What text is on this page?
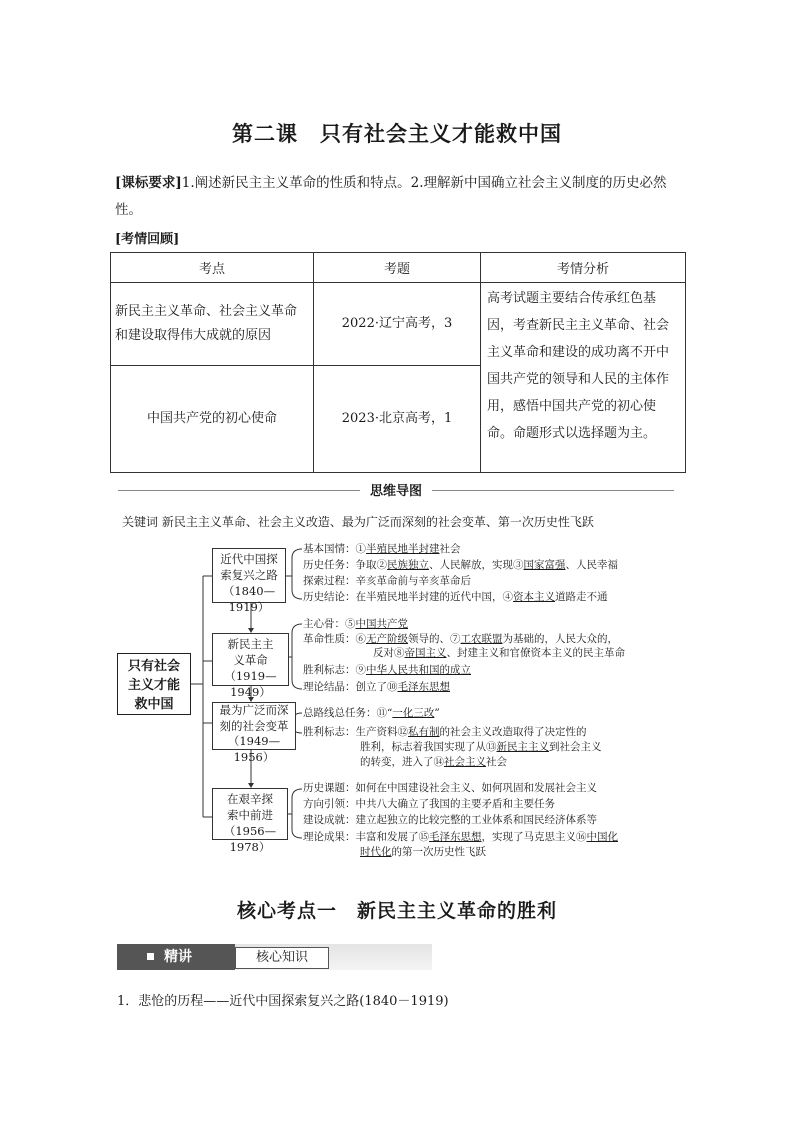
第二课　只有社会主义才能救中国
[课标要求]1.阐述新民主主义革命的性质和特点。2.理解新中国确立社会主义制度的历史必然性。
[考情回顾]
考点	考题	考情分析
新民主主义革命、社会主义革命和建设取得伟大成就的原因	2022·辽宁高考，3	高考试题主要结合传承红色基因，考查新民主主义革命、社会主义革命和建设的成功离不开中国共产党的领导和人民的主体作用，感悟中国共产党的初心使命。命题形式以选择题为主。
中国共产党的初心使命	2023·北京高考，1	
思维导图
关键词 新民主主义革命、社会主义改造、最为广泛而深刻的社会变革、第一次历史性飞跃
只有社会
主义才能
救中国
近代中国探
索复兴之路
（1840—1919）
新民主主
义革命
（1919—1949）
最为广泛而深
刻的社会变革
（1949—1956）
在艰辛探
索中前进
（1956—1978）
基本国情：①半殖民地半封建社会
历史任务：争取②民族独立、人民解放，实现③国家富强、人民幸福
探索过程：辛亥革命前与辛亥革命后
历史结论：在半殖民地半封建的近代中国，④资本主义道路走不通
主心骨：⑤中国共产党
革命性质：⑥无产阶级领导的、⑦工农联盟为基础的，人民大众的，
反对⑧帝国主义、封建主义和官僚资本主义的民主革命
胜利标志：⑨中华人民共和国的成立
理论结晶：创立了⑩毛泽东思想
总路线总任务：⑪“一化三改”
胜利标志：生产资料⑫私有制的社会主义改造取得了决定性的
胜利，标志着我国实现了从⑬新民主主义到社会主义
的转变，进入了⑭社会主义社会
历史课题：如何在中国建设社会主义、如何巩固和发展社会主义
方向引领：中共八大确立了我国的主要矛盾和主要任务
建设成就：建立起独立的比较完整的工业体系和国民经济体系等
理论成果：丰富和发展了⑮毛泽东思想，实现了马克思主义⑯中国化
时代化的第一次历史性飞跃
核心考点一　新民主主义革命的胜利
精讲	核心知识
1．悲怆的历程——近代中国探索复兴之路(1840－1919)
